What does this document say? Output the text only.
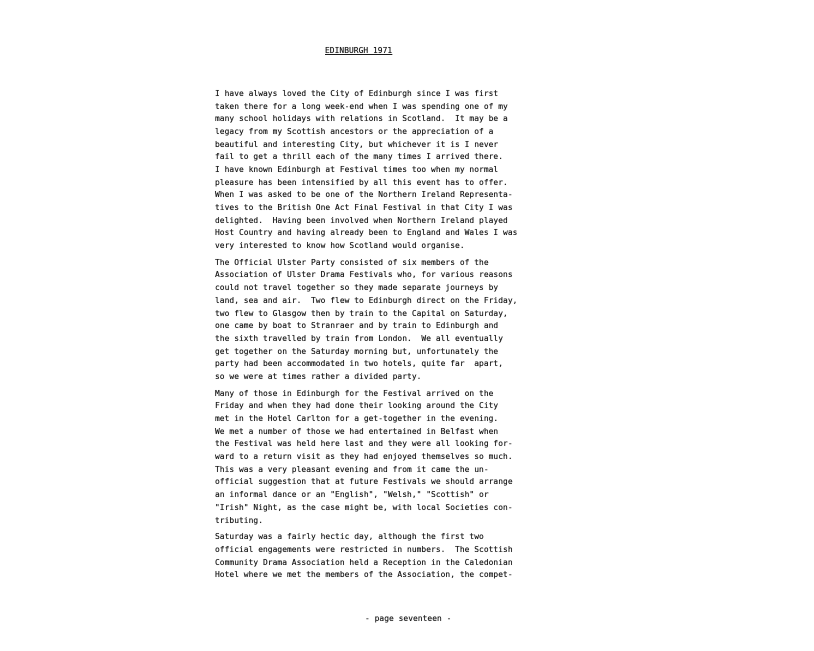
EDINBURGH 1971

I have always loved the City of Edinburgh since I was first
taken there for a long week-end when I was spending one of my
many school holidays with relations in Scotland.  It may be a
legacy from my Scottish ancestors or the appreciation of a
beautiful and interesting City, but whichever it is I never
fail to get a thrill each of the many times I arrived there.
I have known Edinburgh at Festival times too when my normal
pleasure has been intensified by all this event has to offer.
When I was asked to be one of the Northern Ireland Representa-
tives to the British One Act Final Festival in that City I was
delighted.  Having been involved when Northern Ireland played
Host Country and having already been to England and Wales I was
very interested to know how Scotland would organise.
The Official Ulster Party consisted of six members of the
Association of Ulster Drama Festivals who, for various reasons
could not travel together so they made separate journeys by
land, sea and air.  Two flew to Edinburgh direct on the Friday,
two flew to Glasgow then by train to the Capital on Saturday,
one came by boat to Stranraer and by train to Edinburgh and
the sixth travelled by train from London.  We all eventually
get together on the Saturday morning but, unfortunately the
party had been accommodated in two hotels, quite far  apart,
so we were at times rather a divided party.
Many of those in Edinburgh for the Festival arrived on the
Friday and when they had done their looking around the City
met in the Hotel Carlton for a get-together in the evening.
We met a number of those we had entertained in Belfast when
the Festival was held here last and they were all looking for-
ward to a return visit as they had enjoyed themselves so much.
This was a very pleasant evening and from it came the un-
official suggestion that at future Festivals we should arrange
an informal dance or an "English", "Welsh," "Scottish" or
"Irish" Night, as the case might be, with local Societies con-
tributing.
Saturday was a fairly hectic day, although the first two
official engagements were restricted in numbers.  The Scottish
Community Drama Association held a Reception in the Caledonian
Hotel where we met the members of the Association, the compet-

- page seventeen -
